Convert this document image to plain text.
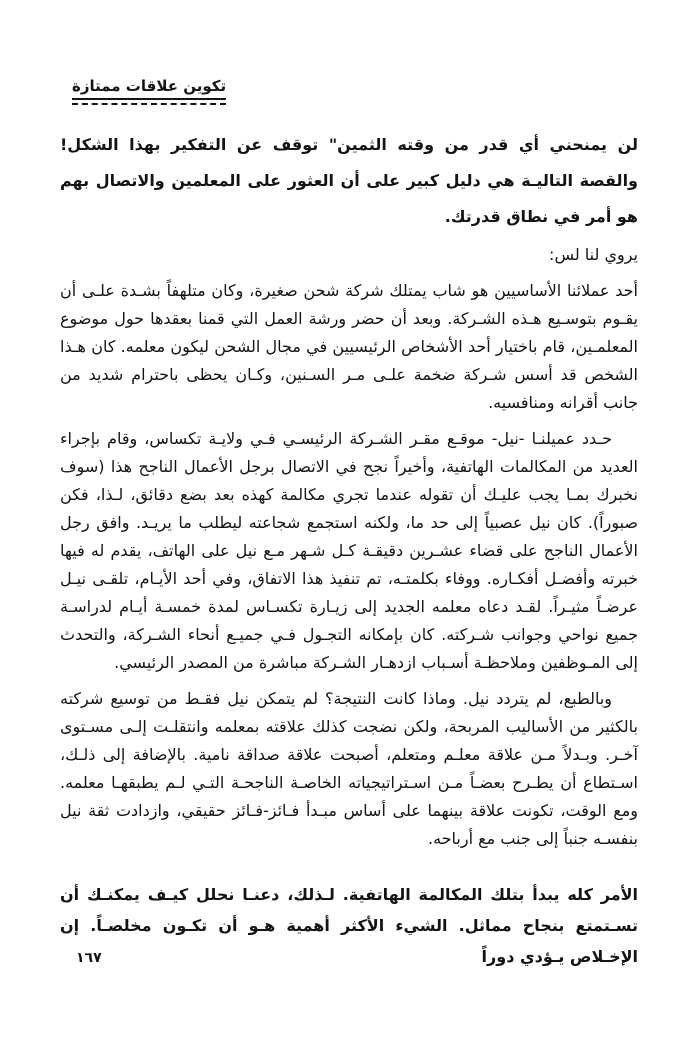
تكوين علاقات ممتازة

لن يمنحني أي قدر من وقته الثمين" توقف عن التفكير بهذا الشكل! والقصة التاليـة هي دليل كبير على أن العثور على المعلمين والاتصال بهم هو أمر في نطاق قدرتك.

يروي لنا لس:

أحد عملائنا الأساسيين هو شاب يمتلك شركة شحن صغيرة، وكان متلهفاً بشـدة علـى أن يقـوم بتوسـيع هـذه الشـركة. وبعد أن حضر ورشة العمل التي قمنا بعقدها حول موضوع المعلمـين، قام باختيار أحد الأشخاص الرئيسيين في مجال الشحن ليكون معلمه. كان هـذا الشخص قد أسس شـركة ضخمة علـى مـر السـنين، وكـان يحظى باحترام شديد من جانب أقرانه ومنافسيه.

حـدد عميلنـا -نيل- موقـع مقـر الشـركة الرئيسـي فـي ولايـة تكساس، وقام بإجراء العديد من المكالمات الهاتفية، وأخيراً نجح في الاتصال برجل الأعمال الناجح هذا (سوف نخبرك بمـا يجب عليـك أن تقوله عندما تجري مكالمة كهذه بعد بضع دقائق، لـذا، فكن صبوراً). كان نيل عصبياً إلى حد ما، ولكنه استجمع شجاعته ليطلب ما يريـد. وافق رجل الأعمال الناجح على قضاء عشـرين دقيقـة كـل شـهر مـع نيل على الهاتف، يقدم له فيها خبرته وأفضـل أفكـاره. ووفاء بكلمتـه، تم تنفيذ هذا الاتفاق، وفي أحد الأيـام، تلقـى نيـل عرضـاً مثيـراً. لقـد دعاه معلمه الجديد إلى زيـارة تكسـاس لمدة خمسـة أيـام لدراسـة جميع نواحي وجوانب شـركته. كان بإمكانه التجـول فـي جميـع أنحاء الشـركة، والتحدث إلى المـوظفين وملاحظـة أسـباب ازدهـار الشـركة مباشرة من المصدر الرئيسي.

وبالطبع، لم يتردد نيل. وماذا كانت النتيجة؟ لم يتمكن نيل فقـط من توسيع شركته بالكثير من الأساليب المربحة، ولكن نضجت كذلك علاقته بمعلمه وانتقلـت إلـى مسـتوى آخـر. وبـدلاً مـن علاقة معلـم ومتعلم، أصبحت علاقة صداقة نامية. بالإضافة إلى ذلـك، اسـتطاع أن يطـرح بعضـاً مـن اسـتراتيجياته الخاصـة الناجحـة التـي لـم يطبقهـا معلمه. ومع الوقت، تكونت علاقة بينهما على أساس مبـدأ فـائز-فـائز حقيقي، وازدادت ثقة نيل بنفسـه جنباً إلى جنب مع أرباحه.

الأمر كله يبدأ بتلك المكالمة الهاتفية. لـذلك، دعنـا نحلل كيـف يمكنـك أن تسـتمتع بنجاح مماثل. الشيء الأكثر أهمية هـو أن تكـون مخلصـاً. إن الإخـلاص يـؤدي دوراً

١٦٧
